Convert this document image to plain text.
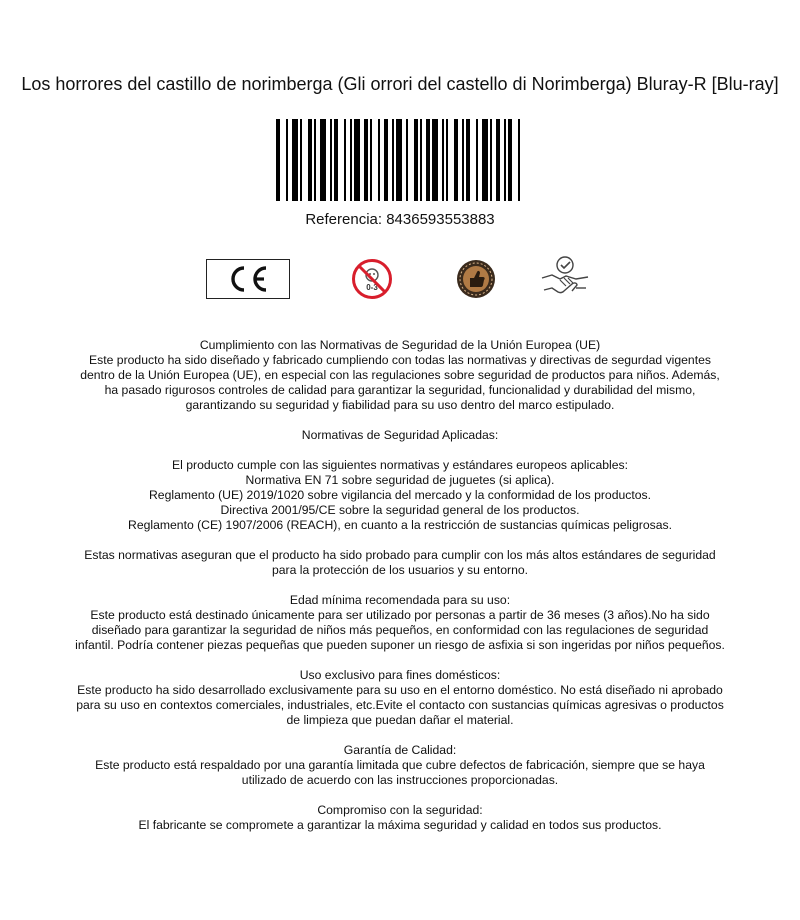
Los horrores del castillo de norimberga (Gli orrori del castello di Norimberga) Bluray-R [Blu-ray]
Referencia: 8436593553883
0-3

Cumplimiento con las Normativas de Seguridad de la Unión Europea (UE)
Este producto ha sido diseñado y fabricado cumpliendo con todas las normativas y directivas de segurdad vigentes dentro de la Unión Europea (UE), en especial con las regulaciones sobre seguridad de productos para niños. Además, ha pasado rigurosos controles de calidad para garantizar la seguridad, funcionalidad y durabilidad del mismo, garantizando su seguridad y fiabilidad para su uso dentro del marco estipulado.

Normativas de Seguridad Aplicadas:

El producto cumple con las siguientes normativas y estándares europeos aplicables:
Normativa EN 71 sobre seguridad de juguetes (si aplica).
Reglamento (UE) 2019/1020 sobre vigilancia del mercado y la conformidad de los productos.
Directiva 2001/95/CE sobre la seguridad general de los productos.
Reglamento (CE) 1907/2006 (REACH), en cuanto a la restricción de sustancias químicas peligrosas.

Estas normativas aseguran que el producto ha sido probado para cumplir con los más altos estándares de seguridad para la protección de los usuarios y su entorno.

Edad mínima recomendada para su uso:
Este producto está destinado únicamente para ser utilizado por personas a partir de 36 meses (3 años).No ha sido diseñado para garantizar la seguridad de niños más pequeños, en conformidad con las regulaciones de seguridad infantil. Podría contener piezas pequeñas que pueden suponer un riesgo de asfixia si son ingeridas por niños pequeños.

Uso exclusivo para fines domésticos:
Este producto ha sido desarrollado exclusivamente para su uso en el entorno doméstico. No está diseñado ni aprobado para su uso en contextos comerciales, industriales, etc.Evite el contacto con sustancias químicas agresivas o productos de limpieza que puedan dañar el material.

Garantía de Calidad:
Este producto está respaldado por una garantía limitada que cubre defectos de fabricación, siempre que se haya utilizado de acuerdo con las instrucciones proporcionadas.

Compromiso con la seguridad:
El fabricante se compromete a garantizar la máxima seguridad y calidad en todos sus productos.
